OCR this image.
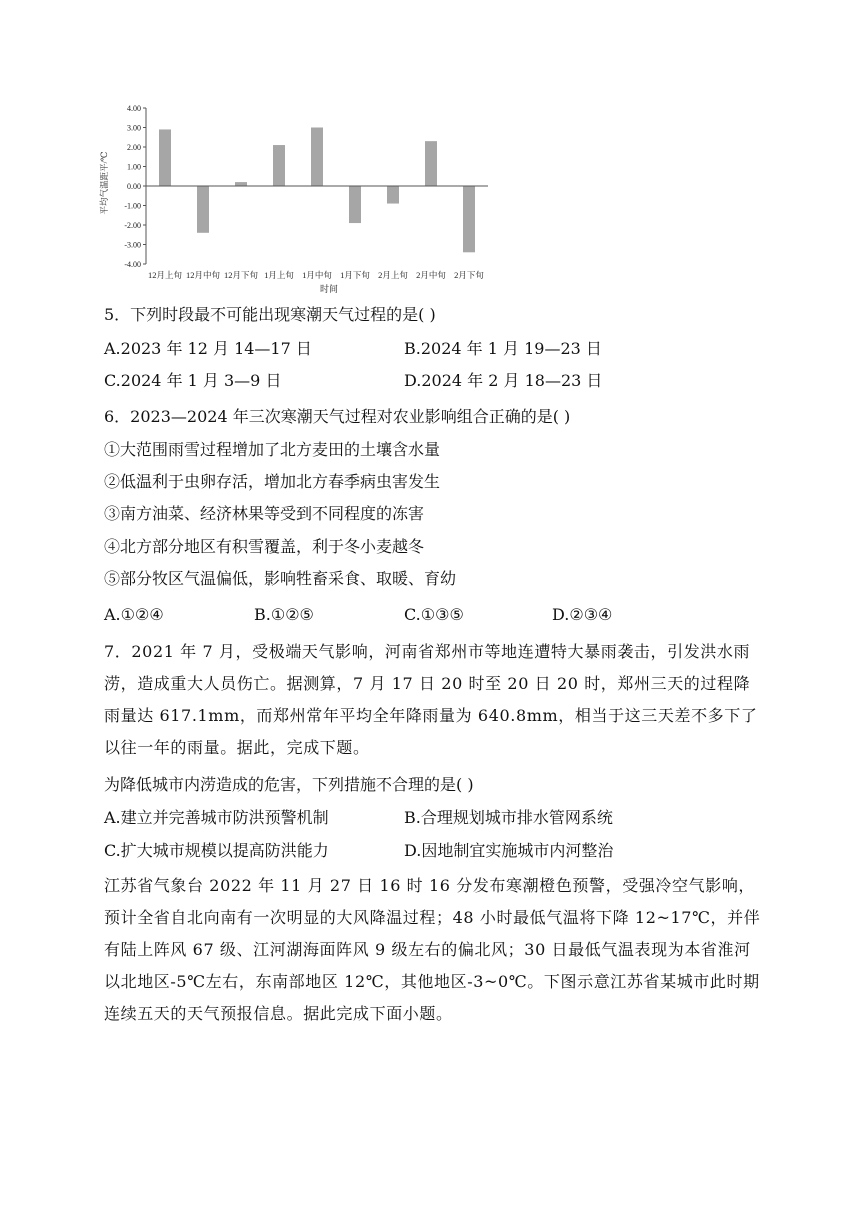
4.00
3.00
2.00
1.00
0.00
-1.00
-2.00
-3.00
-4.00
12月上旬 12月中旬 12月下旬 1月上旬 1月中旬 1月下旬 2月上旬 2月中旬 2月下旬
平均气温距平/℃
时间
5．下列时段最不可能出现寒潮天气过程的是( )
A.2023 年 12 月 14—17 日	B.2024 年 1 月 19—23 日
C.2024 年 1 月 3—9 日	D.2024 年 2 月 18—23 日
6．2023—2024 年三次寒潮天气过程对农业影响组合正确的是( )
①大范围雨雪过程增加了北方麦田的土壤含水量
②低温利于虫卵存活，增加北方春季病虫害发生
③南方油菜、经济林果等受到不同程度的冻害
④北方部分地区有积雪覆盖，利于冬小麦越冬
⑤部分牧区气温偏低，影响牲畜采食、取暖、育幼
A.①②④	B.①②⑤	C.①③⑤	D.②③④
7．2021 年 7 月，受极端天气影响，河南省郑州市等地连遭特大暴雨袭击，引发洪水雨涝，造成重大人员伤亡。据测算，7 月 17 日 20 时至 20 日 20 时，郑州三天的过程降雨量达 617.1mm，而郑州常年平均全年降雨量为 640.8mm，相当于这三天差不多下了以往一年的雨量。据此，完成下题。
为降低城市内涝造成的危害，下列措施不合理的是( )
A.建立并完善城市防洪预警机制	B.合理规划城市排水管网系统
C.扩大城市规模以提高防洪能力	D.因地制宜实施城市内河整治
江苏省气象台 2022 年 11 月 27 日 16 时 16 分发布寒潮橙色预警，受强冷空气影响，预计全省自北向南有一次明显的大风降温过程；48 小时最低气温将下降 12~17℃，并伴有陆上阵风 67 级、江河湖海面阵风 9 级左右的偏北风；30 日最低气温表现为本省淮河以北地区-5℃左右，东南部地区 12℃，其他地区-3~0℃。下图示意江苏省某城市此时期连续五天的天气预报信息。据此完成下面小题。
